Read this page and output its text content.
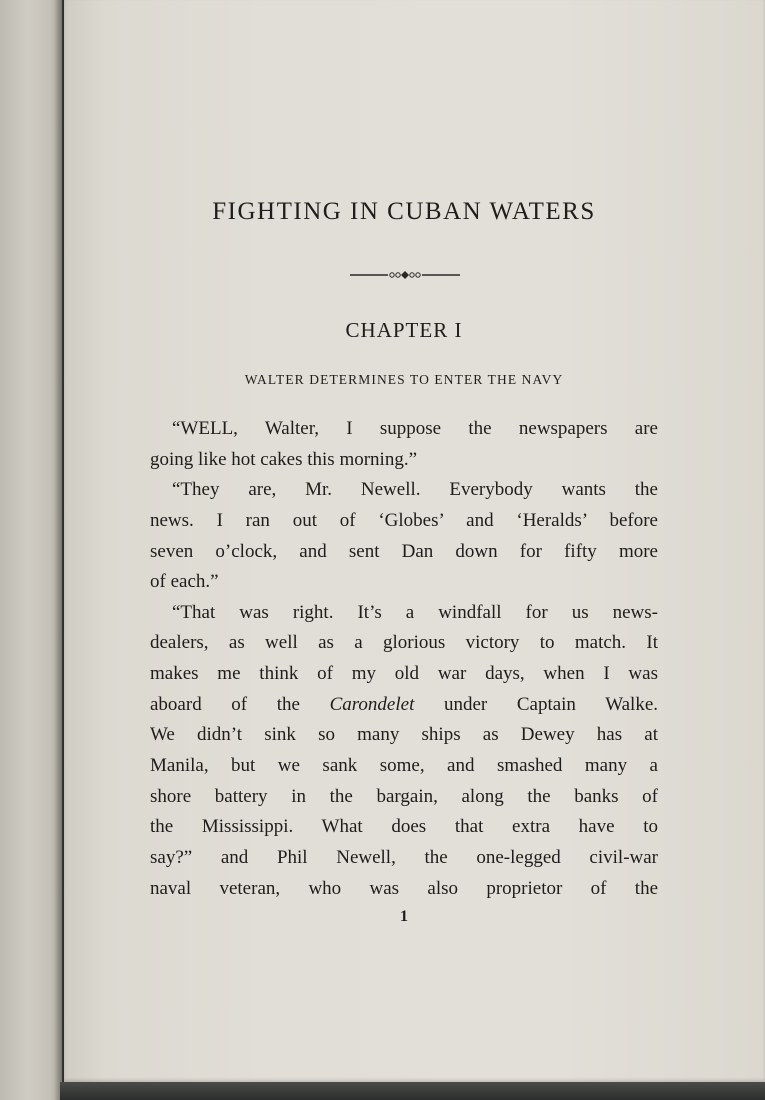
FIGHTING IN CUBAN WATERS
CHAPTER I
WALTER DETERMINES TO ENTER THE NAVY
“WELL, Walter, I suppose the newspapers are
going like hot cakes this morning.”
“They are, Mr. Newell. Everybody wants the
news. I ran out of ‘Globes’ and ‘Heralds’ before
seven o’clock, and sent Dan down for fifty more
of each.”
“That was right. It’s a windfall for us news-
dealers, as well as a glorious victory to match. It
makes me think of my old war days, when I was
aboard of the Carondelet under Captain Walke.
We didn’t sink so many ships as Dewey has at
Manila, but we sank some, and smashed many a
shore battery in the bargain, along the banks of
the Mississippi. What does that extra have to
say?” and Phil Newell, the one-legged civil-war
naval veteran, who was also proprietor of the
1
